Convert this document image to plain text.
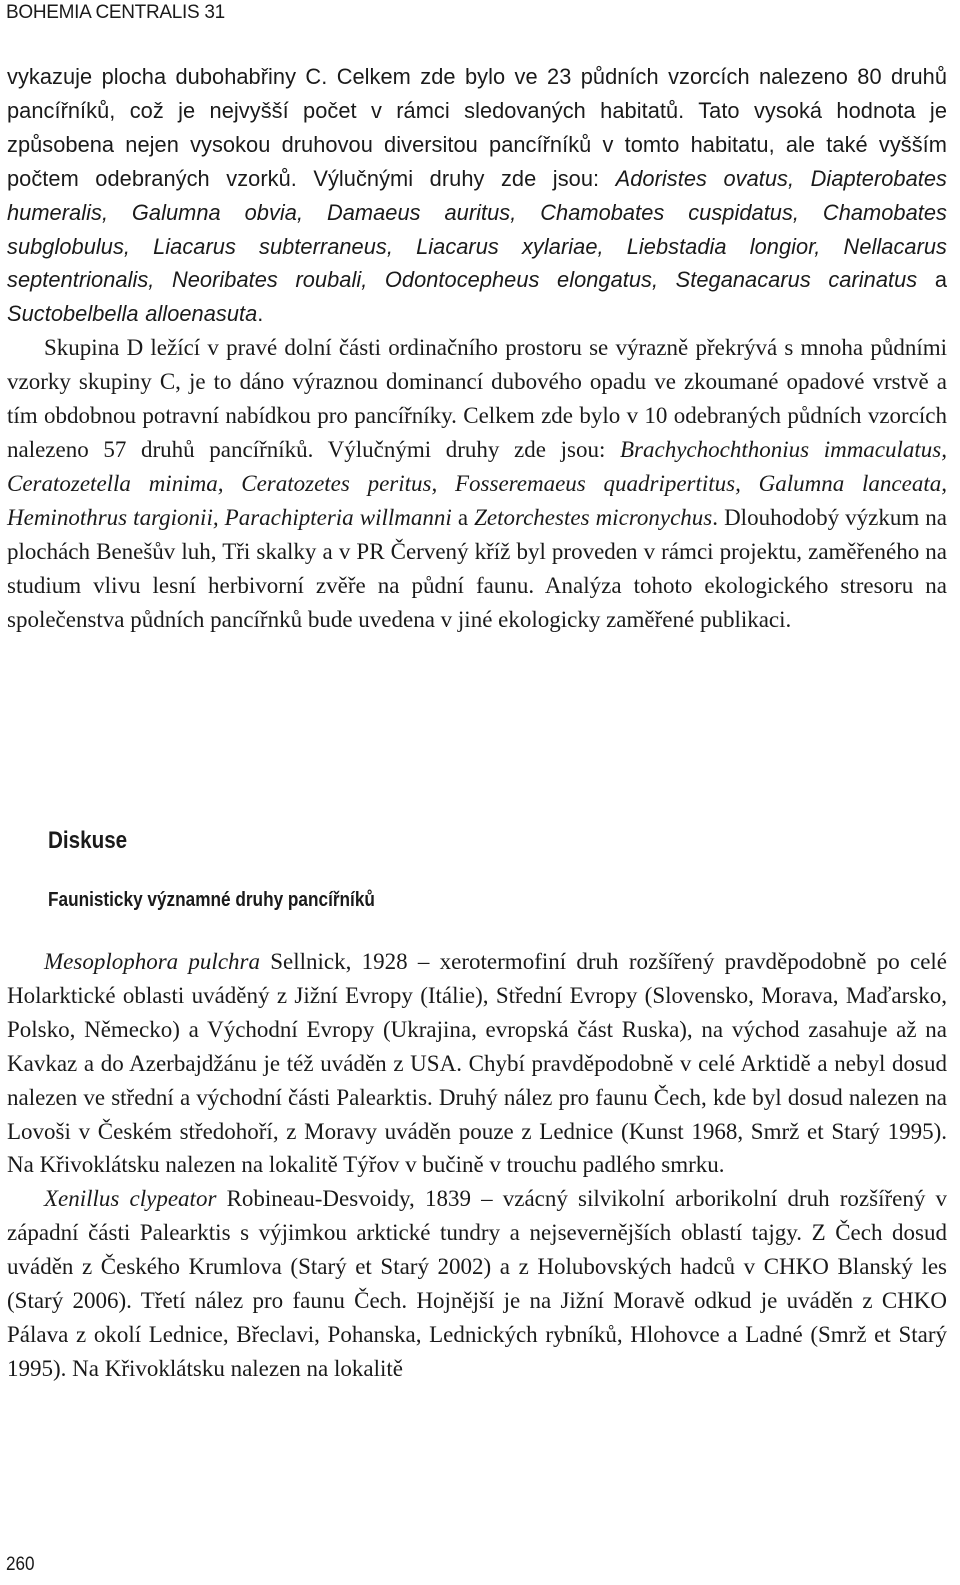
BOHEMIA CENTRALIS 31

vykazuje plocha dubohabřiny C. Celkem zde bylo ve 23 půdních vzorcích nalezeno 80 druhů pancířníků, což je nejvyšší počet v rámci sledovaných habitatů. Tato vysoká hodnota je způsobena nejen vysokou druhovou diversitou pancířníků v tomto habitatu, ale také vyšším počtem odebraných vzorků. Výlučnými druhy zde jsou: Adoristes ovatus, Diapterobates humeralis, Galumna obvia, Damaeus auritus, Chamobates cuspidatus, Chamobates subglobulus, Liacarus subterraneus, Liacarus xylariae, Liebstadia longior, Nellacarus septentrionalis, Neoribates roubali, Odontocepheus elongatus, Steganacarus carinatus a Suctobelbella alloenasuta.

Skupina D ležící v pravé dolní části ordinačního prostoru se výrazně překrývá s mnoha půdními vzorky skupiny C, je to dáno výraznou dominancí dubového opadu ve zkoumané opadové vrstvě a tím obdobnou potravní nabídkou pro pancířníky. Celkem zde bylo v 10 odebraných půdních vzorcích nalezeno 57 druhů pancířníků. Výlučnými druhy zde jsou: Brachychochthonius immaculatus, Ceratozetella minima, Ceratozetes peritus, Fosseremaeus quadripertitus, Galumna lanceata, Heminothrus targionii, Parachipteria willmanni a Zetorchestes micronychus. Dlouhodobý výzkum na plochách Benešův luh, Tři skalky a v PR Červený kříž byl proveden v rámci projektu, zaměřeného na studium vlivu lesní herbivorní zvěře na půdní faunu. Analýza tohoto ekologického stresoru na společenstva půdních pancířnků bude uvedena v jiné ekologicky zaměřené publikaci.

Diskuse
Faunisticky významné druhy pancířníků

Mesoplophora pulchra Sellnick, 1928 – xerotermofiní druh rozšířený pravděpodobně po celé Holarktické oblasti uváděný z Jižní Evropy (Itálie), Střední Evropy (Slovensko, Morava, Maďarsko, Polsko, Německo) a Východní Evropy (Ukrajina, evropská část Ruska), na východ zasahuje až na Kavkaz a do Azerbajdžánu je též uváděn z USA. Chybí pravděpodobně v celé Arktidě a nebyl dosud nalezen ve střední a východní části Palearktis. Druhý nález pro faunu Čech, kde byl dosud nalezen na Lovoši v Českém středohoří, z Moravy uváděn pouze z Lednice (Kunst 1968, Smrž et Starý 1995). Na Křivoklátsku nalezen na lokalitě Týřov v bučině v trouchu padlého smrku.

Xenillus clypeator Robineau-Desvoidy, 1839 – vzácný silvikolní arborikolní druh rozšířený v západní části Palearktis s výjimkou arktické tundry a nejsevernějších oblastí tajgy. Z Čech dosud uváděn z Českého Krumlova (Starý et Starý 2002) a z Holubovských hadců v CHKO Blanský les (Starý 2006). Třetí nález pro faunu Čech. Hojnější je na Jižní Moravě odkud je uváděn z CHKO Pálava z okolí Lednice, Břeclavi, Pohanska, Lednických rybníků, Hlohovce a Ladné (Smrž et Starý 1995). Na Křivoklátsku nalezen na lokalitě

260
